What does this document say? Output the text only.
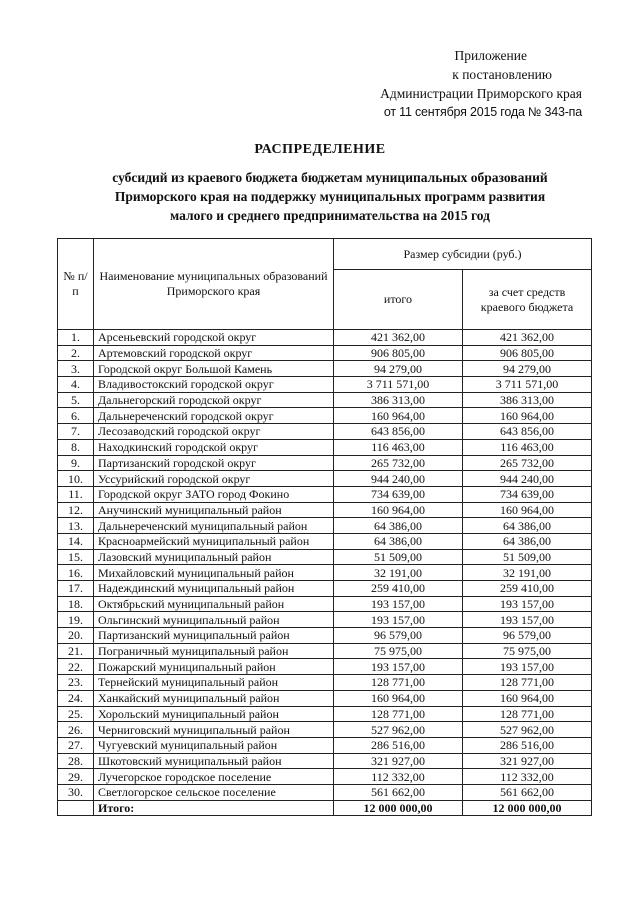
Приложение
к постановлению
Администрации Приморского края
от 11 сентября 2015 года № 343-па
РАСПРЕДЕЛЕНИЕ
субсидий из краевого бюджета бюджетам муниципальных образований
Приморского края на поддержку муниципальных программ развития
малого и среднего предпринимательства на 2015 год
№ п/п	Наименование муниципальных образований Приморского края	Размер субсидии (руб.)	
		итого	за счет средств краевого бюджета
1.	Арсеньевский городской округ	421 362,00	421 362,00
2.	Артемовский городской округ	906 805,00	906 805,00
3.	Городской округ Большой Камень	94 279,00	94 279,00
4.	Владивостокский городской округ	3 711 571,00	3 711 571,00
5.	Дальнегорский городской округ	386 313,00	386 313,00
6.	Дальнереченский городской округ	160 964,00	160 964,00
7.	Лесозаводский городской округ	643 856,00	643 856,00
8.	Находкинский городской округ	116 463,00	116 463,00
9.	Партизанский городской округ	265 732,00	265 732,00
10.	Уссурийский городской округ	944 240,00	944 240,00
11.	Городской округ ЗАТО город Фокино	734 639,00	734 639,00
12.	Анучинский муниципальный район	160 964,00	160 964,00
13.	Дальнереченский муниципальный район	64 386,00	64 386,00
14.	Красноармейский муниципальный район	64 386,00	64 386,00
15.	Лазовский муниципальный район	51 509,00	51 509,00
16.	Михайловский муниципальный район	32 191,00	32 191,00
17.	Надеждинский муниципальный район	259 410,00	259 410,00
18.	Октябрьский муниципальный район	193 157,00	193 157,00
19.	Ольгинский муниципальный район	193 157,00	193 157,00
20.	Партизанский муниципальный район	96 579,00	96 579,00
21.	Пограничный муниципальный район	75 975,00	75 975,00
22.	Пожарский муниципальный район	193 157,00	193 157,00
23.	Тернейский муниципальный район	128 771,00	128 771,00
24.	Ханкайский муниципальный район	160 964,00	160 964,00
25.	Хорольский муниципальный район	128 771,00	128 771,00
26.	Черниговский муниципальный район	527 962,00	527 962,00
27.	Чугуевский муниципальный район	286 516,00	286 516,00
28.	Шкотовский муниципальный район	321 927,00	321 927,00
29.	Лучегорское городское поселение	112 332,00	112 332,00
30.	Светлогорское сельское поселение	561 662,00	561 662,00
	Итого:	12 000 000,00	12 000 000,00
